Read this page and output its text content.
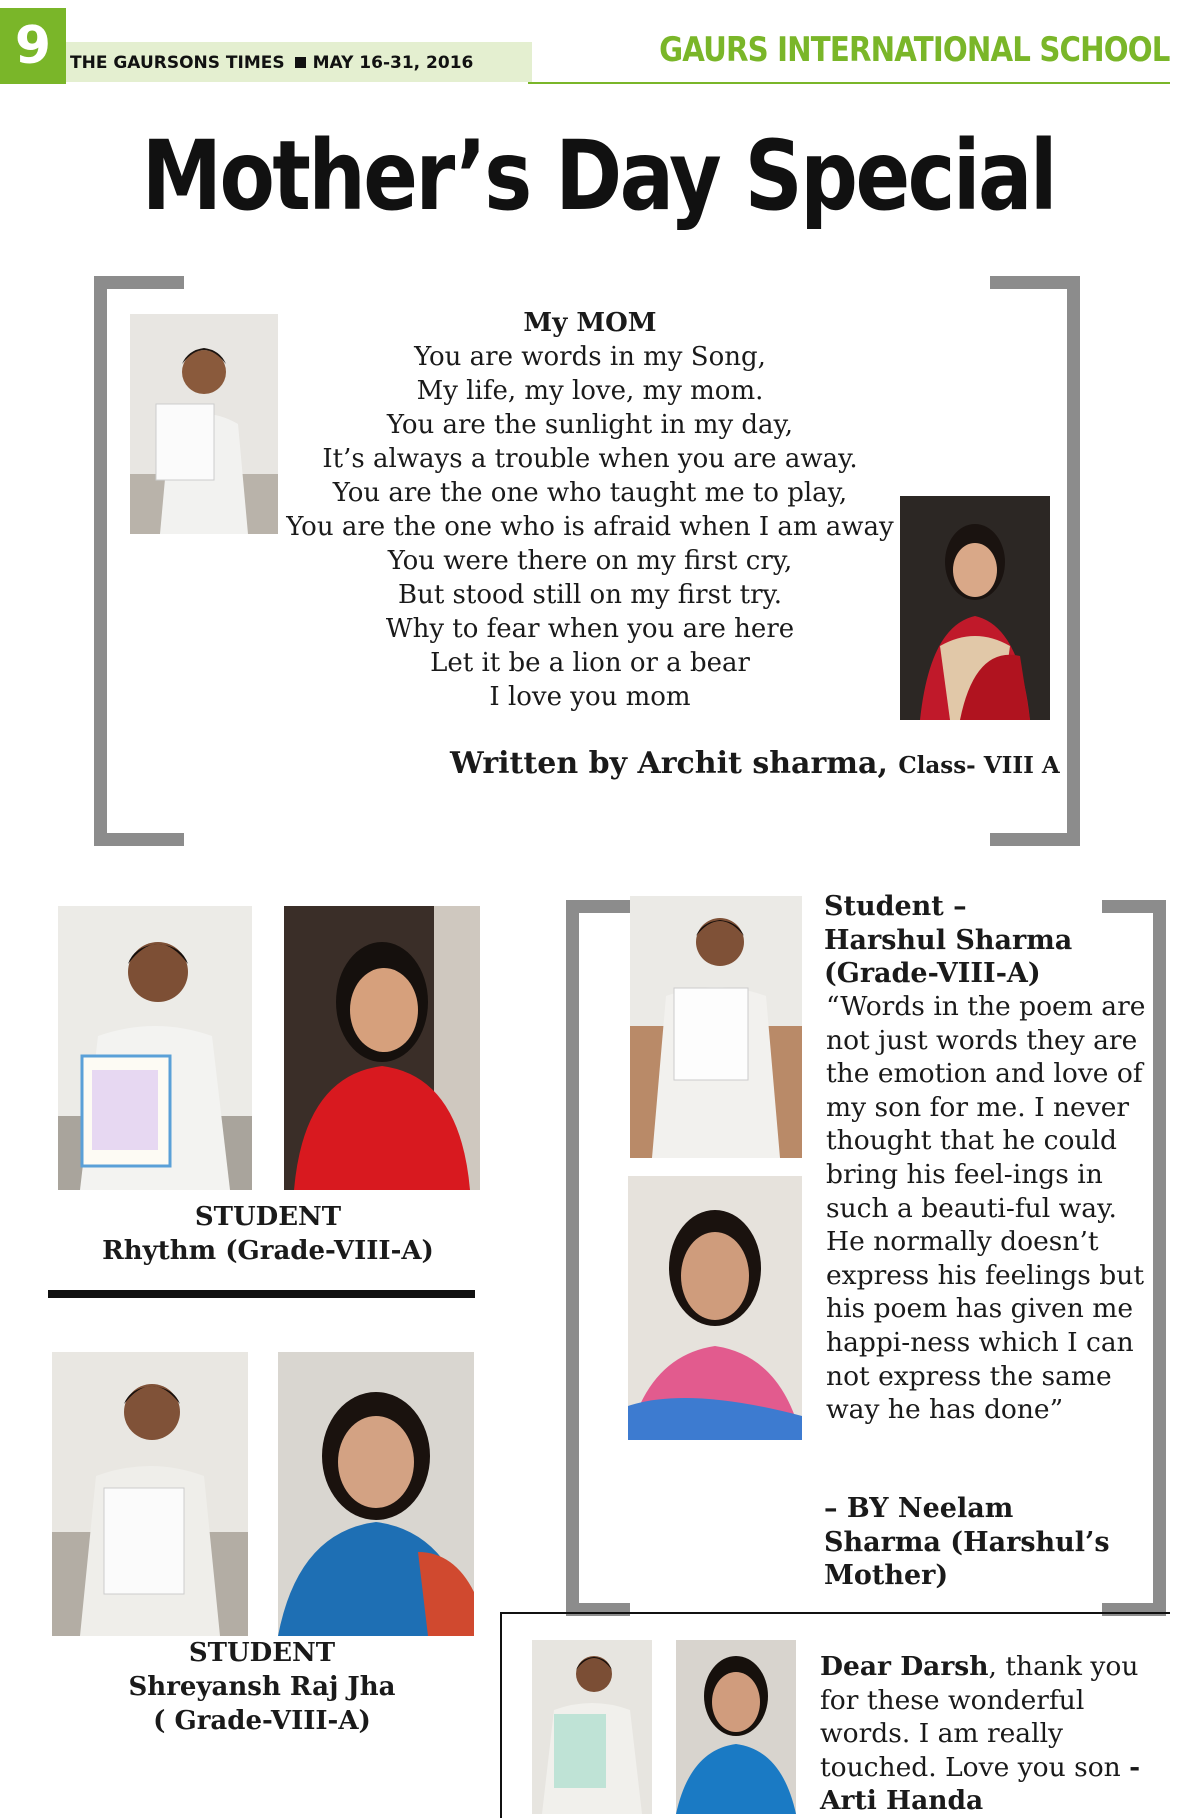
9	THE GAURSONS TIMES MAY 16-31, 2016	GAURS INTERNATIONAL SCHOOL
Mother’s Day Special
My MOM
You are words in my Song,
My life, my love, my mom.
You are the sunlight in my day,
It’s always a trouble when you are away.
You are the one who taught me to play,
You are the one who is afraid when I am away
You were there on my first cry,
But stood still on my first try.
Why to fear when you are here
Let it be a lion or a bear
I love you mom
Written by Archit sharma, Class- VIII A
STUDENT
Rhythm (Grade-VIII-A)
STUDENT
Shreyansh Raj Jha
( Grade-VIII-A)
Student –
Harshul Sharma
(Grade-VIII-A)
“Words in the poem are not just words they are the emotion and love of my son for me. I never thought that he could bring his feel-ings in such a beauti-ful way. He normally doesn’t express his feelings but his poem has given me happi-ness which I can not express the same way he has done”
– BY Neelam Sharma (Harshul’s Mother)
Dear Darsh, thank you for these wonderful words. I am really touched. Love you son - Arti Handa
